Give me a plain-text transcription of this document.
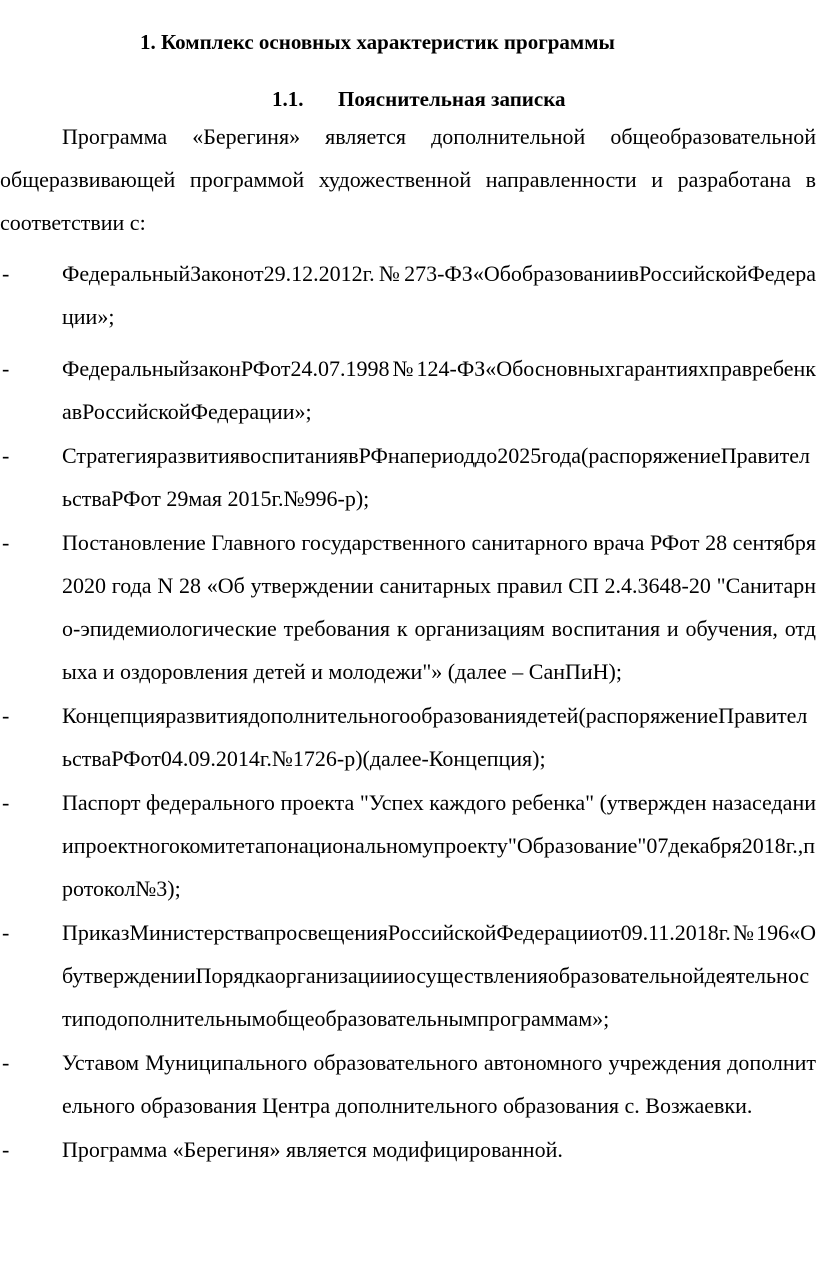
1. Комплекс основных характеристик программы
1.1. Пояснительная записка

Программа «Берегиня» является дополнительной общеобразовательной общеразвивающей программой художественной направленности и разработана в соответствии с:

-	ФедеральныйЗаконот29.12.2012г.№273-ФЗ«ОбобразованиивРоссийскойФедерации»;
-	ФедеральныйзаконРФот24.07.1998№124-ФЗ«ОбосновныхгарантияхправребенкавРоссийскойФедерации»;
-	СтратегияразвитиявоспитаниявРФнапериоддо2025года(распоряжениеПравительстваРФот 29мая 2015г.№996-р);
-	Постановление Главного государственного санитарного врача РФот 28 сентября 2020 года N 28 «Об утверждении санитарных правил СП 2.4.3648-20 "Санитарно-эпидемиологические требования к организациям воспитания и обучения, отдыха и оздоровления детей и молодежи"» (далее – СанПиН);
-	Концепцияразвитиядополнительногообразованиядетей(распоряжениеПравительстваРФот04.09.2014г.№1726-р)(далее-Концепция);
-	Паспорт федерального проекта "Успех каждого ребенка" (утвержден назаседаниипроектногокомитетапонациональномупроекту"Образование"07декабря2018г.,протокол№3);
-	ПриказМинистерствапросвещенияРоссийскойФедерацииот09.11.2018г.№196«ОбутвержденииПорядкаорганизациииосуществленияобразовательнойдеятельностиподополнительнымобщеобразовательнымпрограммам»;
-	Уставом Муниципального образовательного автономного учреждения дополнительного образования Центра дополнительного образования с. Возжаевки.
-	Программа «Берегиня» является модифицированной.
